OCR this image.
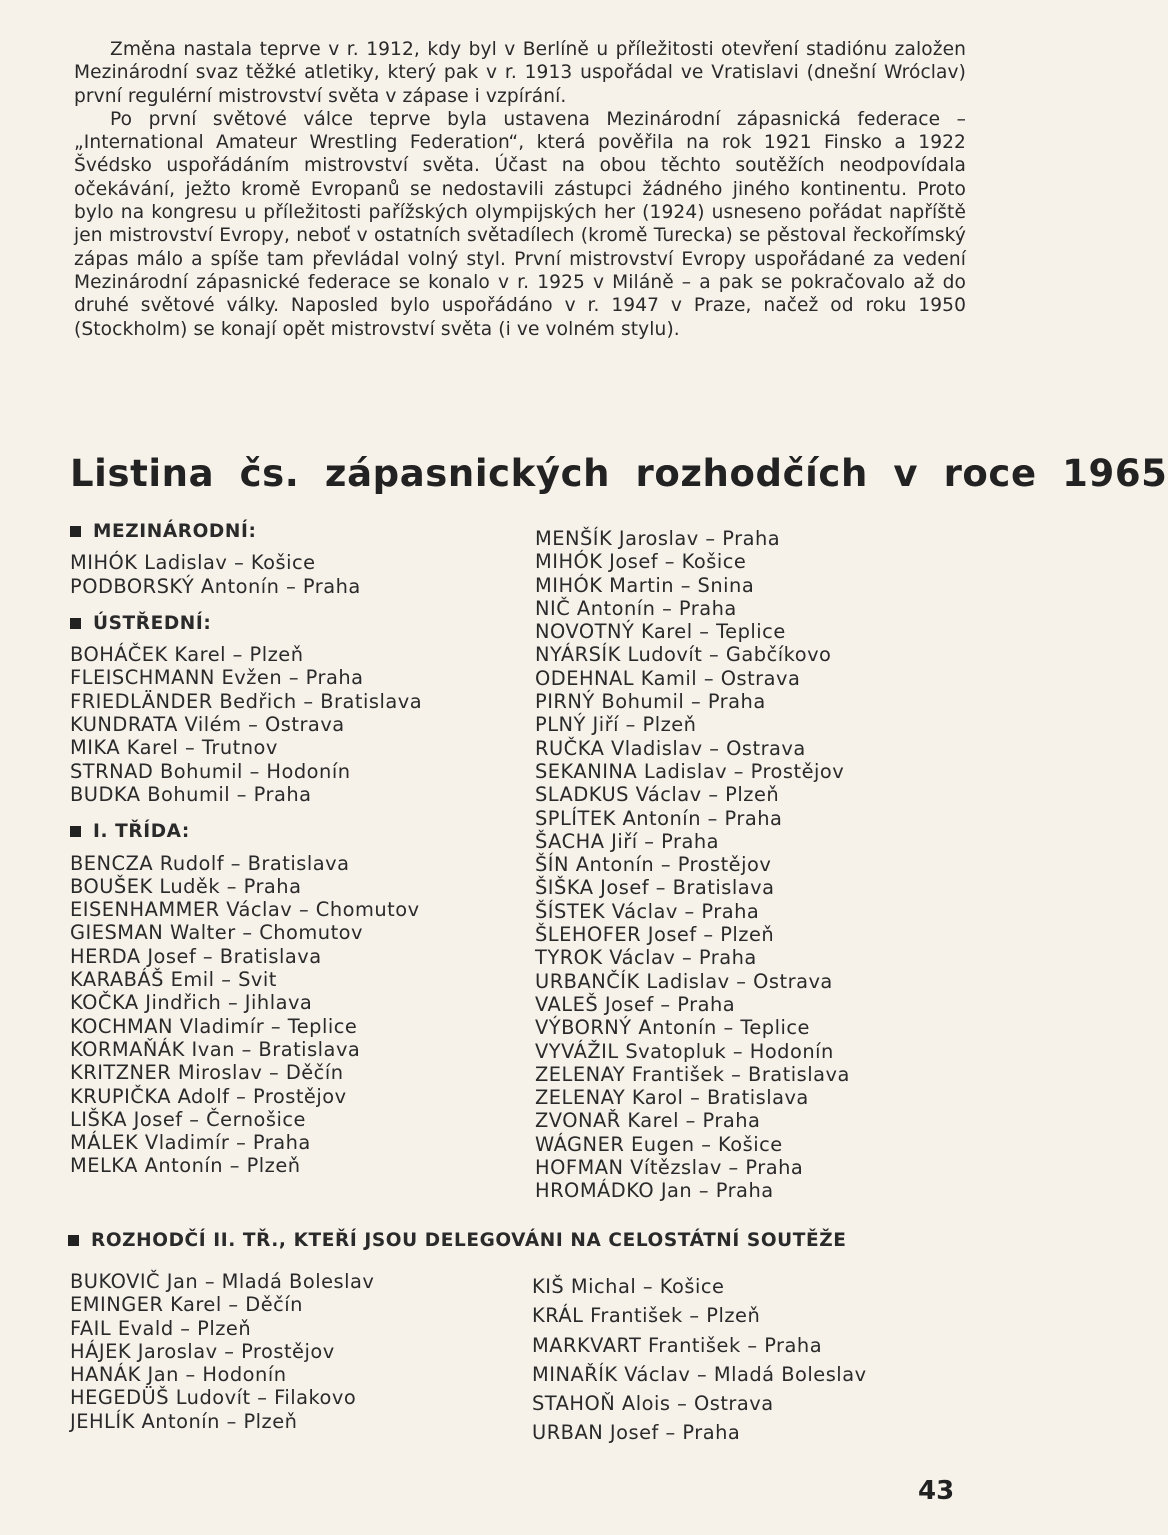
Změna nastala teprve v r. 1912, kdy byl v Berlíně u příležitosti otevření stadiónu založen Mezinárodní svaz těžké atletiky, který pak v r. 1913 uspořádal ve Vratislavi (dnešní Wróclav) první regulérní mistrovství světa v zápase i vzpírání.

Po první světové válce teprve byla ustavena Mezinárodní zápasnická federace – „International Amateur Wrestling Federation“, která pověřila na rok 1921 Finsko a 1922 Švédsko uspořádáním mistrovství světa. Účast na obou těchto soutěžích neodpovídala očekávání, ježto kromě Evropanů se nedostavili zástupci žádného jiného kontinentu. Proto bylo na kongresu u příležitosti pařížských olympijských her (1924) usneseno pořádat napříště jen mistrovství Evropy, neboť v ostatních světadílech (kromě Turecka) se pěstoval řeckořímský zápas málo a spíše tam převládal volný styl. První mistrovství Evropy uspořádané za vedení Mezinárodní zápasnické federace se konalo v r. 1925 v Miláně – a pak se pokračovalo až do druhé světové války. Naposled bylo uspořádáno v r. 1947 v Praze, načež od roku 1950 (Stockholm) se konají opět mistrovství světa (i ve volném stylu).

Listina čs. zápasnických rozhodčích v roce 1965
MEZINÁRODNÍ:
MIHÓK Ladislav – Košice
PODBORSKÝ Antonín – Praha
ÚSTŘEDNÍ:
BOHÁČEK Karel – Plzeň
FLEISCHMANN Evžen – Praha
FRIEDLÄNDER Bedřich – Bratislava
KUNDRATA Vilém – Ostrava
MIKA Karel – Trutnov
STRNAD Bohumil – Hodonín
BUDKA Bohumil – Praha
I. TŘÍDA:
BENCZA Rudolf – Bratislava
BOUŠEK Luděk – Praha
EISENHAMMER Václav – Chomutov
GIESMAN Walter – Chomutov
HERDA Josef – Bratislava
KARABÁŠ Emil – Svit
KOČKA Jindřich – Jihlava
KOCHMAN Vladimír – Teplice
KORMAŇÁK Ivan – Bratislava
KRITZNER Miroslav – Děčín
KRUPIČKA Adolf – Prostějov
LIŠKA Josef – Černošice
MÁLEK Vladimír – Praha
MELKA Antonín – Plzeň
MENŠÍK Jaroslav – Praha
MIHÓK Josef – Košice
MIHÓK Martin – Snina
NIČ Antonín – Praha
NOVOTNÝ Karel – Teplice
NYÁRSÍK Ludovít – Gabčíkovo
ODEHNAL Kamil – Ostrava
PIRNÝ Bohumil – Praha
PLNÝ Jiří – Plzeň
RUČKA Vladislav – Ostrava
SEKANINA Ladislav – Prostějov
SLADKUS Václav – Plzeň
SPLÍTEK Antonín – Praha
ŠACHA Jiří – Praha
ŠÍN Antonín – Prostějov
ŠIŠKA Josef – Bratislava
ŠÍSTEK Václav – Praha
ŠLEHOFER Josef – Plzeň
TYROK Václav – Praha
URBANČÍK Ladislav – Ostrava
VALEŠ Josef – Praha
VÝBORNÝ Antonín – Teplice
VYVÁŽIL Svatopluk – Hodonín
ZELENAY František – Bratislava
ZELENAY Karol – Bratislava
ZVONAŘ Karel – Praha
WÁGNER Eugen – Košice
HOFMAN Vítězslav – Praha
HROMÁDKO Jan – Praha
ROZHODČÍ II. TŘ., KTEŘÍ JSOU DELEGOVÁNI NA CELOSTÁTNÍ SOUTĚŽE
BUKOVIČ Jan – Mladá Boleslav
EMINGER Karel – Děčín
FAIL Evald – Plzeň
HÁJEK Jaroslav – Prostějov
HANÁK Jan – Hodonín
HEGEDÜŠ Ludovít – Filakovo
JEHLÍK Antonín – Plzeň
KIŠ Michal – Košice
KRÁL František – Plzeň
MARKVART František – Praha
MINAŘÍK Václav – Mladá Boleslav
STAHOŇ Alois – Ostrava
URBAN Josef – Praha
43
